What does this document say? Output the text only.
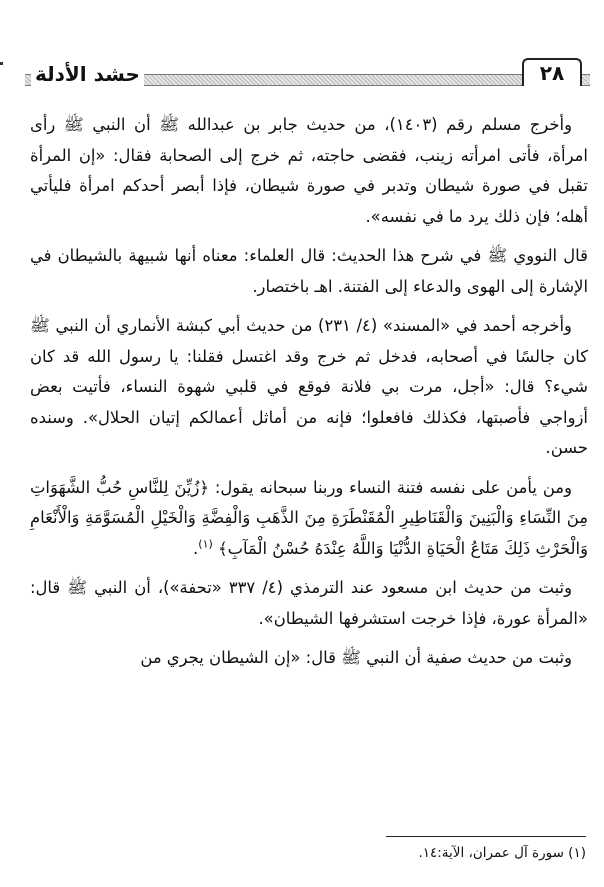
٢٨
حشد الأدلة

وأخرج مسلم رقم (١٤٠٣)، من حديث جابر بن عبدالله ﷺ أن النبي ﷺ رأى امرأة، فأتى امرأته زينب، فقضى حاجته، ثم خرج إلى الصحابة فقال: «إن المرأة تقبل في صورة شيطان وتدبر في صورة شيطان، فإذا أبصر أحدكم امرأة فليأتي أهله؛ فإن ذلك يرد ما في نفسه».

قال النووي ﷺ في شرح هذا الحديث: قال العلماء: معناه أنها شبيهة بالشيطان في الإشارة إلى الهوى والدعاء إلى الفتنة. اهـ باختصار.

وأخرجه أحمد في «المسند» (٤/ ٢٣١) من حديث أبي كبشة الأنماري أن النبي ﷺ كان جالسًا في أصحابه، فدخل ثم خرج وقد اغتسل فقلنا: يا رسول الله قد كان شيء؟ قال: «أجل، مرت بي فلانة فوقع في قلبي شهوة النساء، فأتيت بعض أزواجي فأصبتها، فكذلك فافعلوا؛ فإنه من أماثل أعمالكم إتيان الحلال». وسنده حسن.

ومن يأمن على نفسه فتنة النساء وربنا سبحانه يقول: ﴿زُيِّنَ لِلنَّاسِ حُبُّ الشَّهَوَاتِ مِنَ النِّسَاءِ وَالْبَنِينَ وَالْقَنَاطِيرِ الْمُقَنْطَرَةِ مِنَ الذَّهَبِ وَالْفِضَّةِ وَالْخَيْلِ الْمُسَوَّمَةِ وَالْأَنْعَامِ وَالْحَرْثِ ذَلِكَ مَتَاعُ الْحَيَاةِ الدُّنْيَا وَاللَّهُ عِنْدَهُ حُسْنُ الْمَآبِ﴾ $^{(١)}$.

وثبت من حديث ابن مسعود عند الترمذي (٤/ ٣٣٧ «تحفة»)، أن النبي ﷺ قال: «المرأة عورة، فإذا خرجت استشرفها الشيطان».

وثبت من حديث صفية أن النبي ﷺ قال: «إن الشيطان يجري من

(١) سورة آل عمران، الآية:١٤.
